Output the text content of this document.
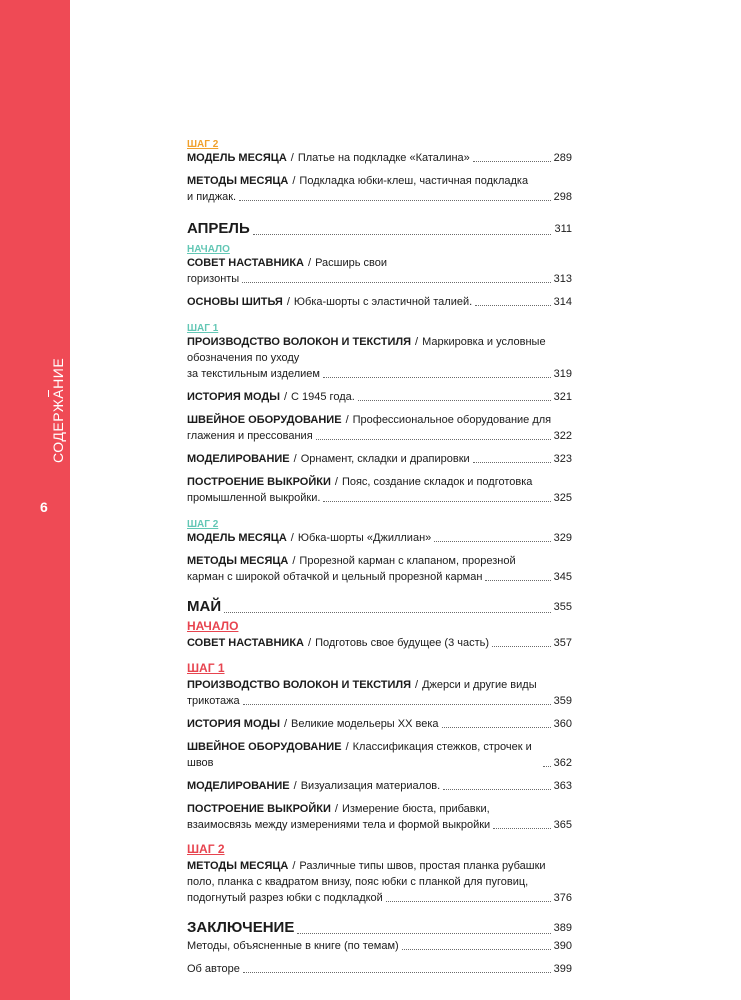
СОДЕРЖАНИЕ
6
ШАГ 2
МОДЕЛЬ МЕСЯЦА / Платье на подкладке «Каталина»	289
МЕТОДЫ МЕСЯЦА / Подкладка юбки-клеш, частичная подкладка
и пиджак.	298
АПРЕЛЬ	311
НАЧАЛО
СОВЕТ НАСТАВНИКА / Расширь свои
горизонты	313
ОСНОВЫ ШИТЬЯ / Юбка-шорты с эластичной талией.	314
ШАГ 1
ПРОИЗВОДСТВО ВОЛОКОН И ТЕКСТИЛЯ / Маркировка и условные
обозначения по уходу
за текстильным изделием	319
ИСТОРИЯ МОДЫ / С 1945 года.	321
ШВЕЙНОЕ ОБОРУДОВАНИЕ / Профессиональное оборудование для
глажения и прессования	322
МОДЕЛИРОВАНИЕ / Орнамент, складки и драпировки	323
ПОСТРОЕНИЕ ВЫКРОЙКИ / Пояс, создание складок и подготовка
промышленной выкройки.	325
ШАГ 2
МОДЕЛЬ МЕСЯЦА / Юбка-шорты «Джиллиан»	329
МЕТОДЫ МЕСЯЦА / Прорезной карман с клапаном, прорезной
карман с широкой обтачкой и цельный прорезной карман	345
МАЙ	355
НАЧАЛО
СОВЕТ НАСТАВНИКА / Подготовь свое будущее (3 часть)	357
ШАГ 1
ПРОИЗВОДСТВО ВОЛОКОН И ТЕКСТИЛЯ / Джерси и другие виды
трикотажа	359
ИСТОРИЯ МОДЫ / Великие модельеры XX века	360
ШВЕЙНОЕ ОБОРУДОВАНИЕ / Классификация стежков, строчек и швов	362
МОДЕЛИРОВАНИЕ / Визуализация материалов.	363
ПОСТРОЕНИЕ ВЫКРОЙКИ / Измерение бюста, прибавки,
взаимосвязь между измерениями тела и формой выкройки	365
ШАГ 2
МЕТОДЫ МЕСЯЦА / Различные типы швов, простая планка рубашки
поло, планка с квадратом внизу, пояс юбки с планкой для пуговиц,
подогнутый разрез юбки с подкладкой	376
ЗАКЛЮЧЕНИЕ	389
Методы, объясненные в книге (по темам)	390
Об авторе	399
